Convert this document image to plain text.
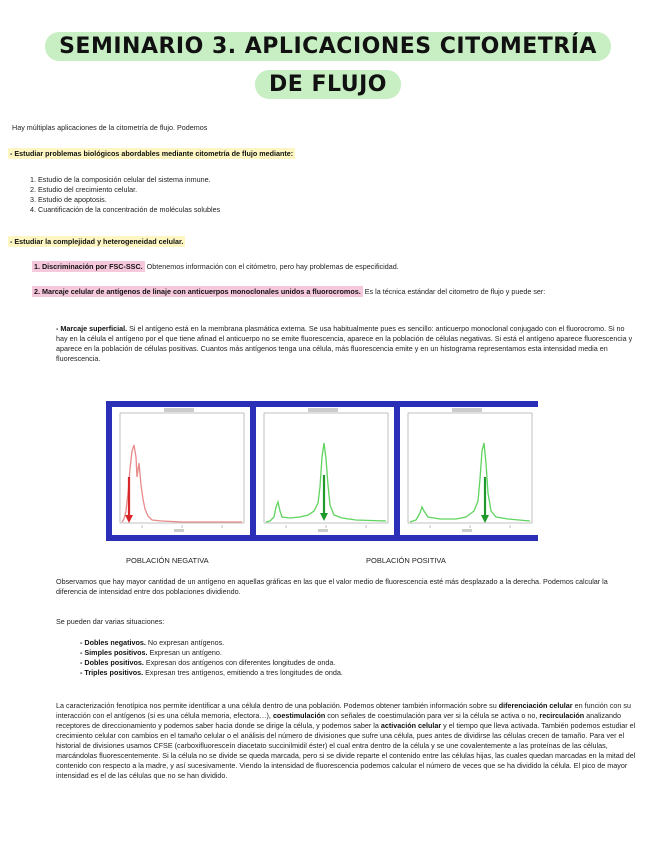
SEMINARIO 3. APLICACIONES CITOMETRÍA
DE FLUJO
Hay múltiplas aplicaciones de la citometría de flujo. Podemos
- Estudiar problemas biológicos abordables mediante citometría de flujo mediante:
1. Estudio de la composición celular del sistema inmune.
2. Estudio del crecimiento celular.
3. Estudio de apoptosis.
4. Cuantificación de la concentración de moléculas solubles
- Estudiar la complejidad y heterogeneidad celular.
1. Discriminación por FSC-SSC. Obtenemos información con el citómetro, pero hay problemas de especificidad.
2. Marcaje celular de antígenos de linaje con anticuerpos monoclonales unidos a fluorocromos. Es la técnica estándar del citometro de flujo y puede ser:
- Marcaje superficial. Si el antígeno está en la membrana plasmática externa. Se usa habitualmente pues es sencillo: anticuerpo monoclonal conjugado con el fluorocromo. Si no hay en la célula el antígeno por el que tiene afinad el anticuerpo no se emite fluorescencia, aparece en la población de células negativas. Si está el antígeno aparece fluorescencia y aparece en la población de células positivas. Cuantos más antígenos tenga una célula, más fluorescencia emite y en un histograma representamos esta intensidad media en fluorescencia.
POBLACIÓN NEGATIVA	POBLACIÓN POSITIVA
Observamos que hay mayor cantidad de un antígeno en aquellas gráficas en las que el valor medio de fluorescencia esté más desplazado a la derecha. Podemos calcular la diferencia de intensidad entre dos poblaciones dividiendo.
Se pueden dar varias situaciones:
- Dobles negativos. No expresan antígenos.
- Simples positivos. Expresan un antígeno.
- Dobles positivos. Expresan dos antígenos con diferentes longitudes de onda.
- Triples positivos. Expresan tres antígenos, emitiendo a tres longitudes de onda.
La caracterización fenotípica nos permite identificar a una célula dentro de una población. Podemos obtener también información sobre su diferenciación celular en función con su interacción con el antígenos (si es una célula memoria, efectora…), coestimulación con señales de coestimulación para ver si la célula se activa o no, recirculación analizando receptores de direccionamiento y podemos saber hacia donde se dirige la célula, y podemos saber la activación celular y el tiempo que lleva activada. También podemos estudiar el crecimiento celular con cambios en el tamaño celular o el análisis del número de divisiones que sufre una célula, pues antes de dividirse las células crecen de tamaño. Para ver el historial de divisiones usamos CFSE (carboxifluoresceín diacetato succinilmidil éster) el cual entra dentro de la célula y se une covalentemente a las proteínas de las células, marcándolas fluorescentemente. Si la célula no se divide se queda marcada, pero si se divide reparte el contenido entre las células hijas, las cuales quedan marcadas en la mitad del contenido con respecto a la madre, y así sucesivamente. Viendo la intensidad de fluorescencia podemos calcular el número de veces que se ha dividido la célula. El pico de mayor intensidad es el de las células que no se han dividido.
